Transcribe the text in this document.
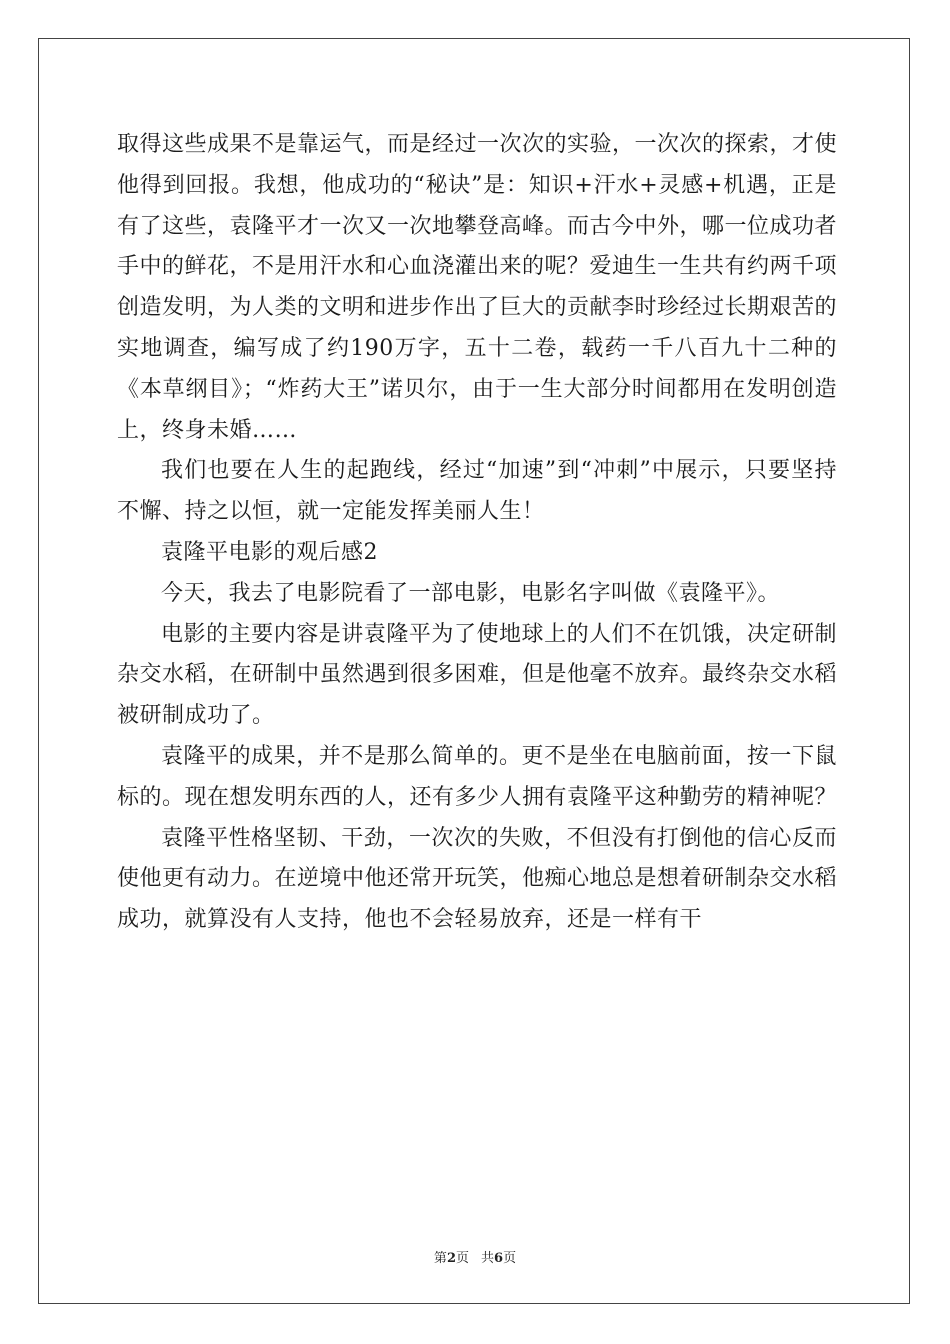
取得这些成果不是靠运气，而是经过一次次的实验，一次次的探索，才使他得到回报。我想，他成功的“秘诀”是：知识+汗水+灵感+机遇，正是有了这些，袁隆平才一次又一次地攀登高峰。而古今中外，哪一位成功者手中的鲜花，不是用汗水和心血浇灌出来的呢？爱迪生一生共有约两千项创造发明，为人类的文明和进步作出了巨大的贡献李时珍经过长期艰苦的实地调查，编写成了约190万字，五十二卷，载药一千八百九十二种的《本草纲目》；“炸药大王”诺贝尔，由于一生大部分时间都用在发明创造上，终身未婚……

我们也要在人生的起跑线，经过“加速”到“冲刺”中展示，只要坚持不懈、持之以恒，就一定能发挥美丽人生！

袁隆平电影的观后感2

今天，我去了电影院看了一部电影，电影名字叫做《袁隆平》。

电影的主要内容是讲袁隆平为了使地球上的人们不在饥饿，决定研制杂交水稻，在研制中虽然遇到很多困难，但是他毫不放弃。最终杂交水稻被研制成功了。

袁隆平的成果，并不是那么简单的。更不是坐在电脑前面，按一下鼠标的。现在想发明东西的人，还有多少人拥有袁隆平这种勤劳的精神呢？

袁隆平性格坚韧、干劲，一次次的失败，不但没有打倒他的信心反而使他更有动力。在逆境中他还常开玩笑，他痴心地总是想着研制杂交水稻成功，就算没有人支持，他也不会轻易放弃，还是一样有干

第2页 共6页
